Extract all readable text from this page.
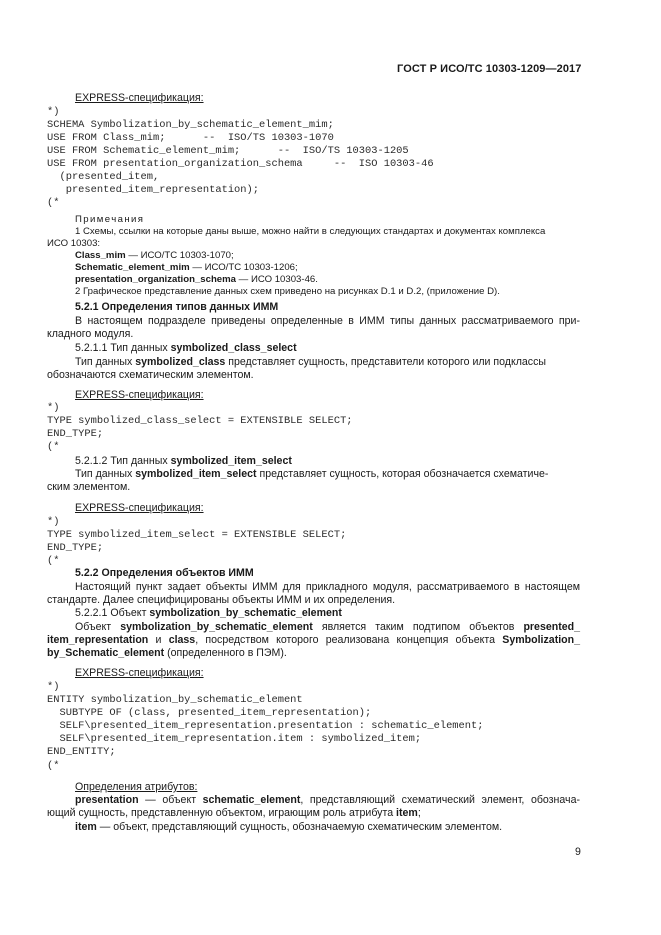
ГОСТ Р ИСО/ТС 10303-1209—2017
EXPRESS-спецификация:
*)
SCHEMA Symbolization_by_schematic_element_mim;
USE FROM Class_mim;      --  ISO/TS 10303-1070
USE FROM Schematic_element_mim;      --  ISO/TS 10303-1205
USE FROM presentation_organization_schema     --  ISO 10303-46
(presented_item,
presented_item_representation);
(*
Примечания
1 Схемы, ссылки на которые даны выше, можно найти в следующих стандартах и документах комплекса
ИСО 10303:
Class_mim — ИСО/ТС 10303-1070;
Schematic_element_mim — ИСО/ТС 10303-1206;
presentation_organization_schema — ИСО 10303-46.
2 Графическое представление данных схем приведено на рисунках D.1 и D.2, (приложение D).
5.2.1 Определения типов данных ИММ
В настоящем подразделе приведены определенные в ИММ типы данных рассматриваемого при-
кладного модуля.
5.2.1.1 Тип данных symbolized_class_select
Тип данных symbolized_class представляет сущность, представители которого или подклассы
обозначаются схематическим элементом.
EXPRESS-спецификация:
*)
TYPE symbolized_class_select = EXTENSIBLE SELECT;
END_TYPE;
(*
5.2.1.2 Тип данных symbolized_item_select
Тип данных symbolized_item_select представляет сущность, которая обозначается схематиче-
ским элементом.
EXPRESS-спецификация:
*)
TYPE symbolized_item_select = EXTENSIBLE SELECT;
END_TYPE;
(*
5.2.2 Определения объектов ИММ
Настоящий пункт задает объекты ИММ для прикладного модуля, рассматриваемого в настоящем
стандарте. Далее специфицированы объекты ИММ и их определения.
5.2.2.1 Объект symbolization_by_schematic_element
Объект symbolization_by_schematic_element является таким подтипом объектов presented_
item_representation и class, посредством которого реализована концепция объекта Symbolization_
by_Schematic_element (определенного в ПЭМ).
EXPRESS-спецификация:
*)
ENTITY symbolization_by_schematic_element
SUBTYPE OF (class, presented_item_representation);
SELF\presented_item_representation.presentation : schematic_element;
SELF\presented_item_representation.item : symbolized_item;
END_ENTITY;
(*
Определения атрибутов:
presentation — объект schematic_element, представляющий схематический элемент, обознача-
ющий сущность, представленную объектом, играющим роль атрибута item;
item — объект, представляющий сущность, обозначаемую схематическим элементом.
9
